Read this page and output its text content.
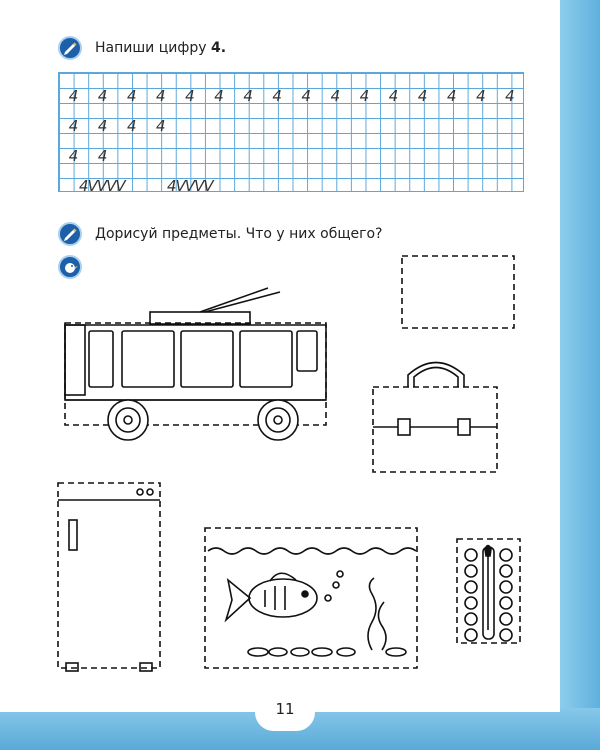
Напиши цифру 4.
4	4	4	4	4	4	4	4	4	4	4	4	4	4	4	4
4	4	4	4
4	4
4VVVV	4VVVV
Дорисуй предметы. Что у них общего?
11
